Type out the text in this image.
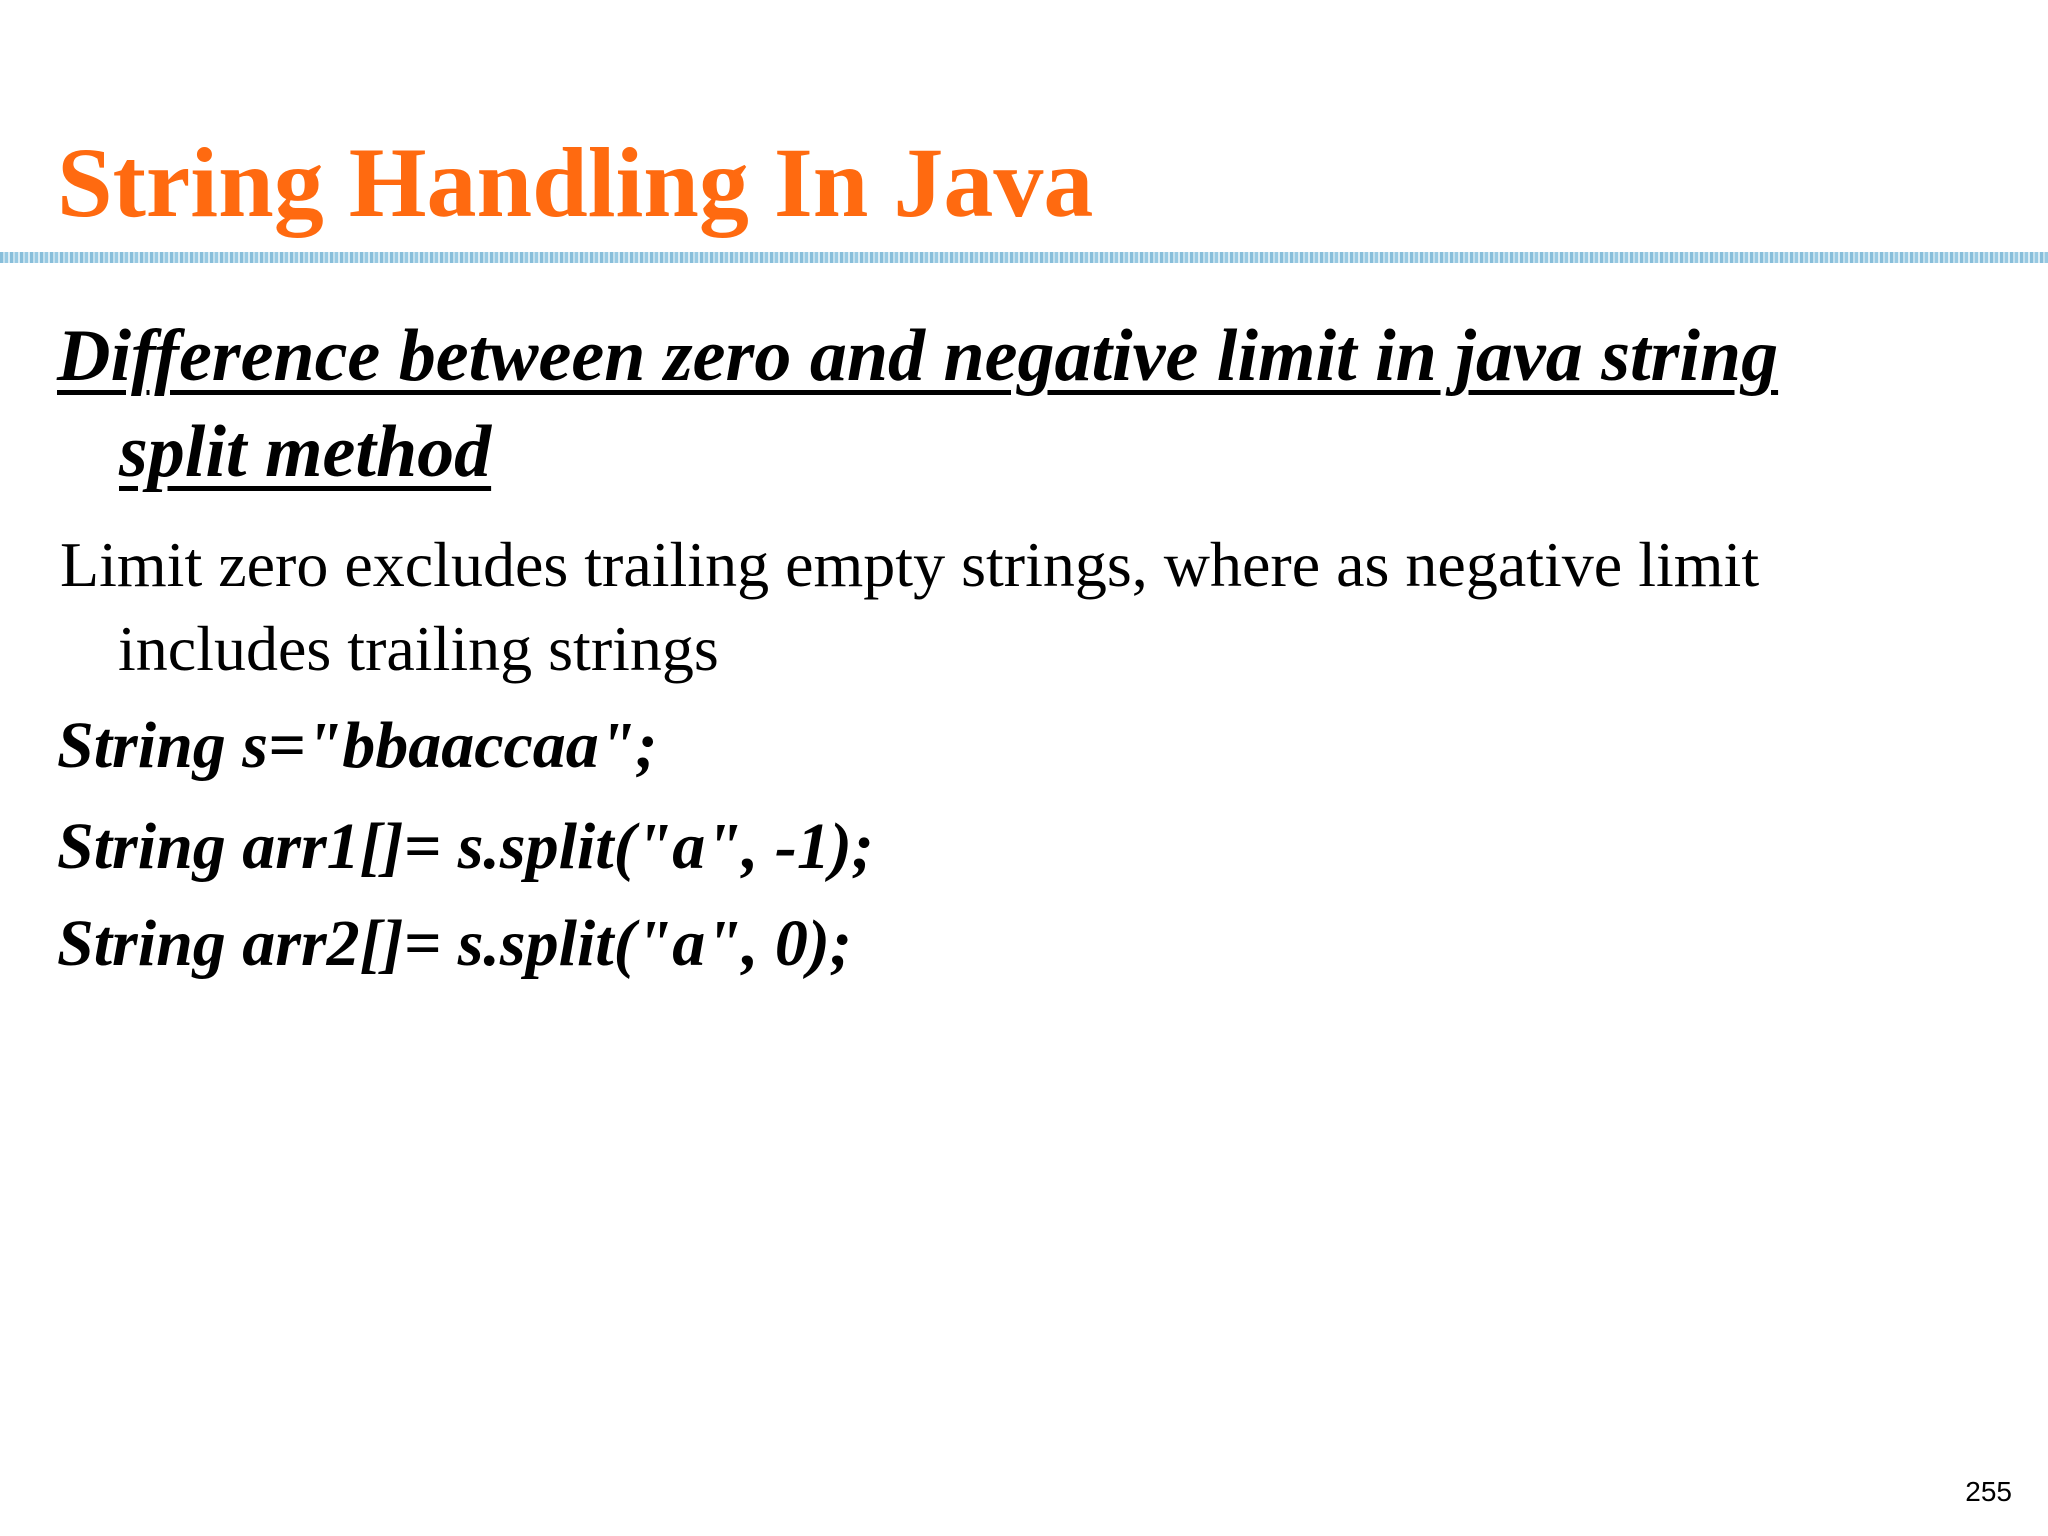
String Handling In Java

Difference between zero and negative limit in java string
split method

Limit zero excludes trailing empty strings, where as negative limit
includes trailing strings

String s="bbaaccaa";

String arr1[]= s.split("a", -1);

String arr2[]= s.split("a", 0);

255
